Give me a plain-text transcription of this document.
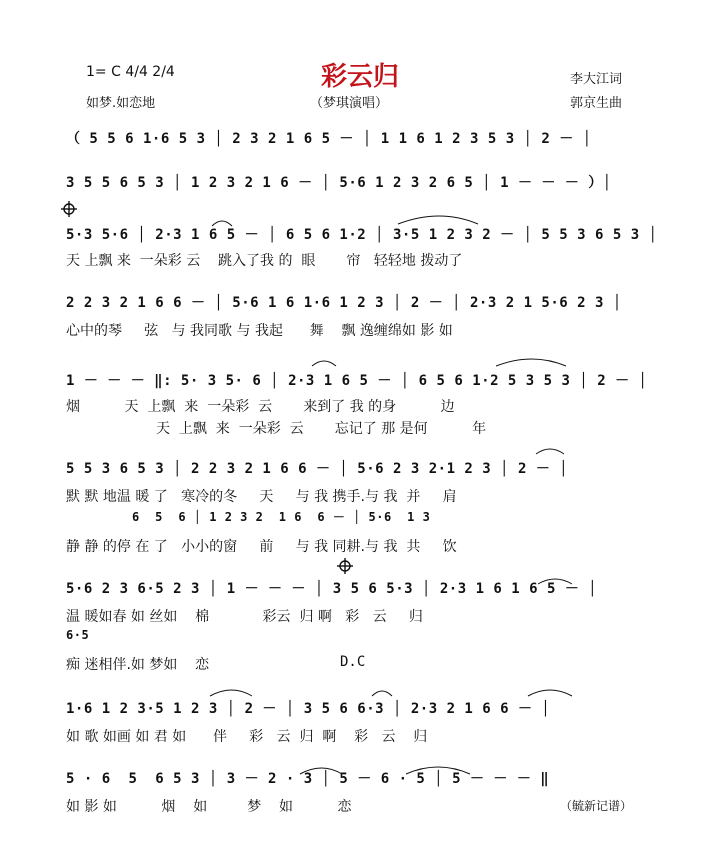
彩云归
1= C 4/4 2/4
如梦.如恋地	（梦琪演唱）
李大江词
郭京生曲
（ 5 5 6 1·6 5 3 │ 2 3 2 1 6 5 － │ 1 1 6 1 2 3 5 3 │ 2 － │
3 5 5 6 5 3 │ 1 2 3 2 1 6 － │ 5·6 1 2 3 2 6 5 │ 1 － － － ）│
5·3 5·6 │ 2·3 1 6 5 － │ 6 5 6 1·2 │ 3·5 1 2 3 2 － │ 5 5 3 6 5 3 │
天 上飘 来  一朵彩 云    跳入了我 的  眼       帘   轻轻地 拨动了
2 2 3 2 1 6 6 － │ 5·6 1 6 1·6 1 2 3 │ 2 － │ 2·3 2 1 5·6 2 3 │
心中的琴     弦   与 我同歌 与 我起      舞    飘 逸缠绵如 影 如
1 － － － ‖: 5· 3 5· 6 │ 2·3 1 6 5 － │ 6 5 6 1·2 5 3 5 3 │ 2 － │
烟          天  上飘  来  一朵彩  云       来到了 我 的身          边
天  上飘  来  一朵彩  云       忘记了 那 是何          年
5 5 3 6 5 3 │ 2 2 3 2 1 6 6 － │ 5·6 2 3 2·1 2 3 │ 2 － │
默 默 地温 暖 了   寒冷的冬     天     与 我 携手.与 我  并     肩
6  5  6 │ 1 2 3 2  1 6  6 － │ 5·6  1 3
静 静 的停 在 了   小小的窗     前     与 我 同耕.与 我  共     饮
5·6 2 3 6·5 2 3 │ 1 － － － │ 3 5 6 5·3 │ 2·3 1 6 1 6 5 － │
温 暖如春 如 丝如    棉            彩云  归 啊   彩   云     归
6·5
痴 迷相伴.如 梦如    恋	D.C
1·6 1 2 3·5 1 2 3 │ 2 － │ 3 5 6 6·3 │ 2·3 2 1 6 6 － │
如 歌 如画 如 君 如      伴     彩   云  归  啊    彩   云    归
5 · 6  5  6 5 3 │ 3 － 2 · 3 │ 5 － 6 · 5 │ 5 － － － ‖
如 影 如          烟    如         梦    如          恋	（毓新记谱）
